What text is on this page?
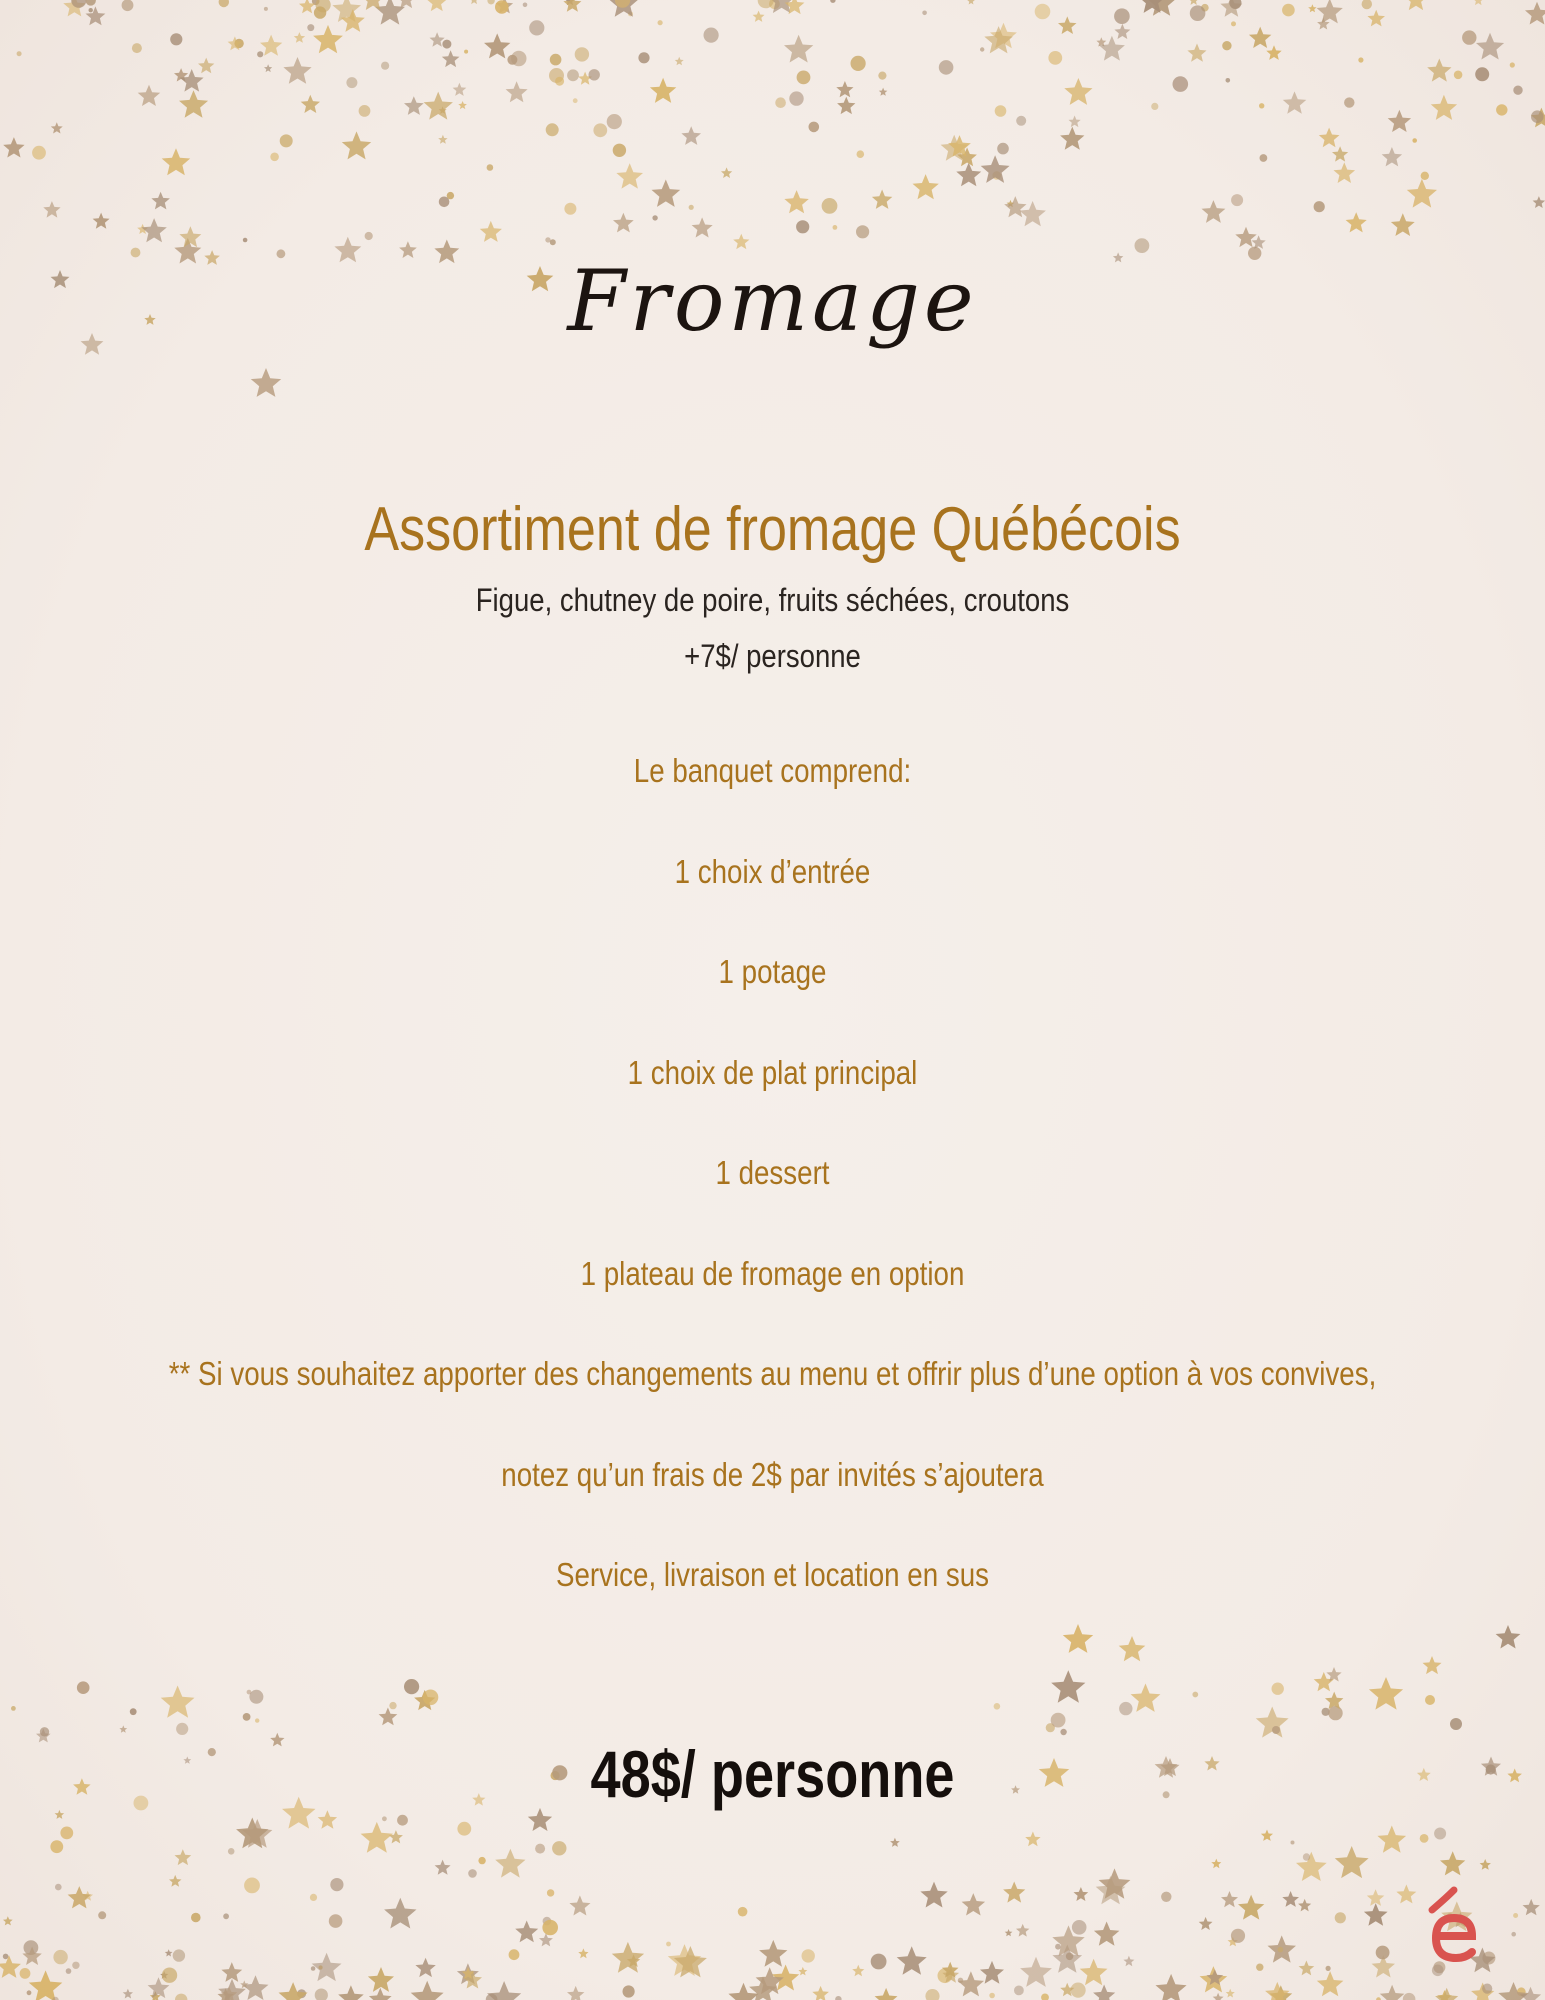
Fromage
Assortiment de fromage Québécois
Figue, chutney de poire, fruits séchées, croutons
+7$/ personne
Le banquet comprend:
1 choix d’entrée
1 potage
1 choix de plat principal
1 dessert
1 plateau de fromage en option
** Si vous souhaitez apporter des changements au menu et offrir plus d’une option à vos convives,
notez qu’un frais de 2$ par invités s’ajoutera
Service, livraison et location en sus
48$/ personne
